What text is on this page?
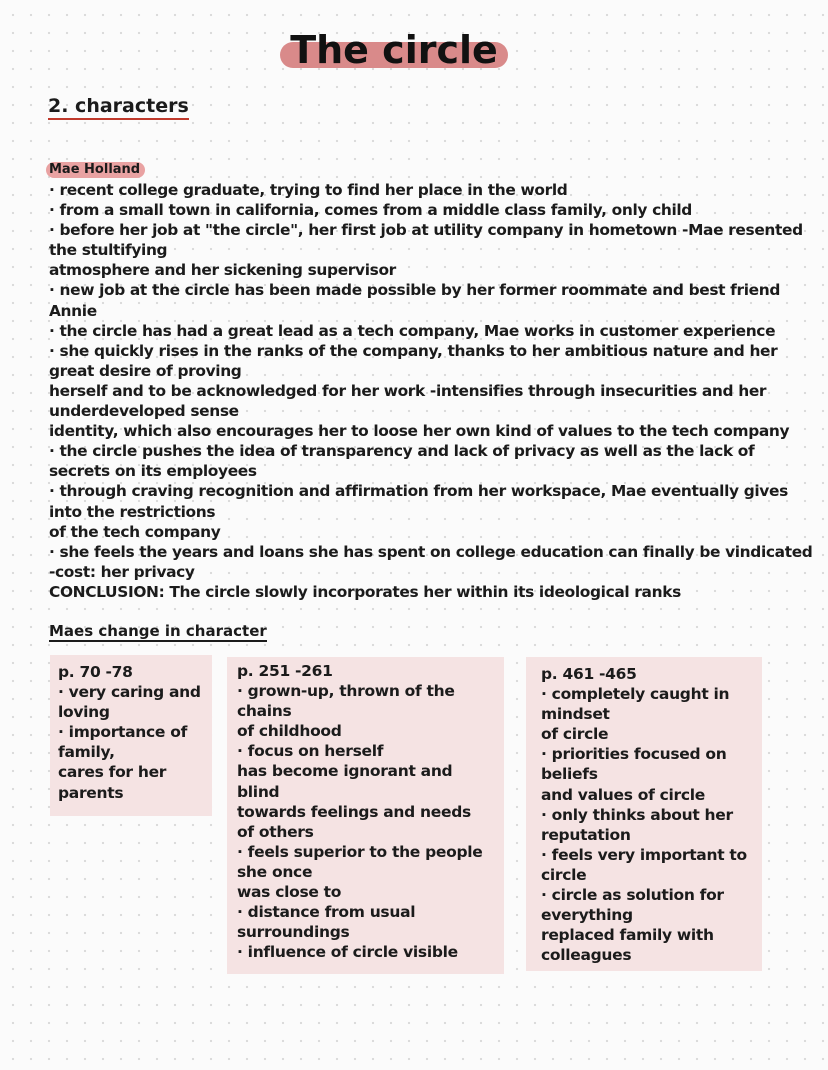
The circle
2. characters
Mae Holland
· recent college graduate, trying to find her place in the world
· from a small town in california, comes from a middle class family, only child
· before her job at "the circle", her first job at utility company in hometown -Mae resented
the stultifying
atmosphere and her sickening supervisor
· new job at the circle has been made possible by her former roommate and best friend
Annie
· the circle has had a great lead as a tech company, Mae works in customer experience
· she quickly rises in the ranks of the company, thanks to her ambitious nature and her
great desire of proving
herself and to be acknowledged for her work -intensifies through insecurities and her
underdeveloped sense
identity, which also encourages her to loose her own kind of values to the tech company
· the circle pushes the idea of transparency and lack of privacy as well as the lack of
secrets on its employees
· through craving recognition and affirmation from her workspace, Mae eventually gives
into the restrictions
of the tech company
· she feels the years and loans she has spent on college education can finally be vindicated
-cost: her privacy
CONCLUSION: The circle slowly incorporates her within its ideological ranks
Maes change in character
p. 70 -78
· very caring and
loving
· importance of
family,
cares for her
parents
p. 251 -261
· grown-up, thrown of the
chains
of childhood
· focus on herself
has become ignorant and
blind
towards feelings and needs
of others
· feels superior to the people
she once
was close to
· distance from usual
surroundings
· influence of circle visible
p. 461 -465
· completely caught in
mindset
of circle
· priorities focused on
beliefs
and values of circle
· only thinks about her
reputation
· feels very important to
circle
· circle as solution for
everything
replaced family with
colleagues
